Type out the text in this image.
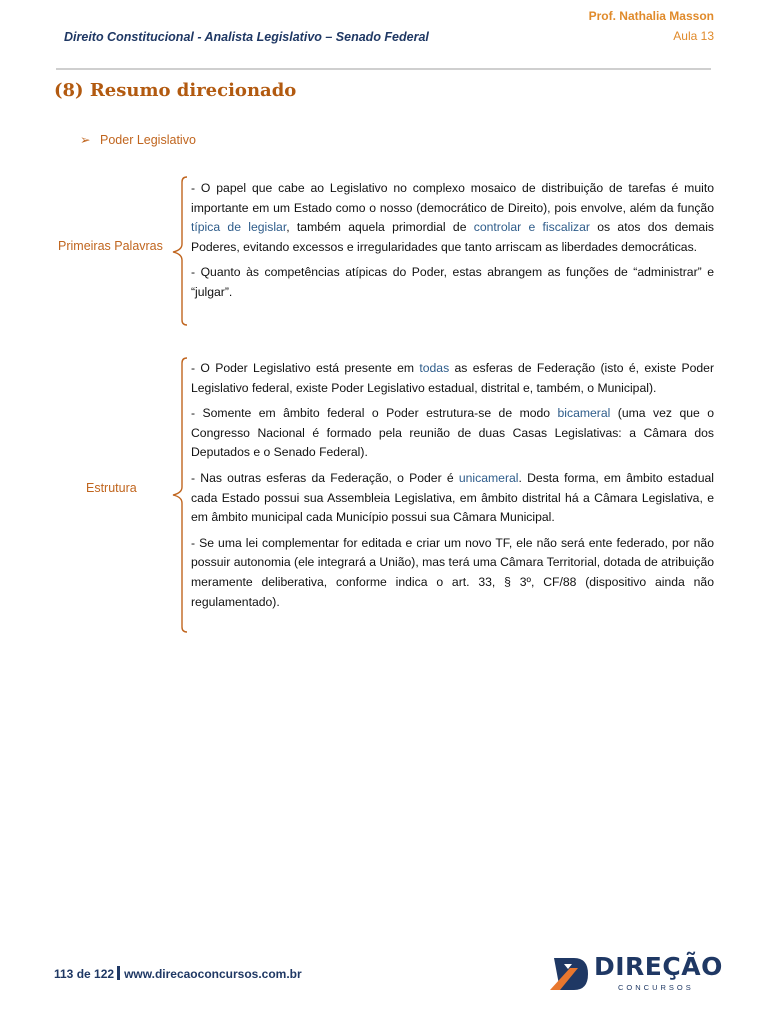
Direito Constitucional - Analista Legislativo – Senado Federal
Prof. Nathalia Masson
Aula 13
(8) Resumo direcionado
➢ Poder Legislativo
Primeiras Palavras

- O papel que cabe ao Legislativo no complexo mosaico de distribuição de tarefas é muito importante em um Estado como o nosso (democrático de Direito), pois envolve, além da função típica de legislar, também aquela primordial de controlar e fiscalizar os atos dos demais Poderes, evitando excessos e irregularidades que tanto arriscam as liberdades democráticas.

- Quanto às competências atípicas do Poder, estas abrangem as funções de “administrar” e “julgar”.

Estrutura

- O Poder Legislativo está presente em todas as esferas de Federação (isto é, existe Poder Legislativo federal, existe Poder Legislativo estadual, distrital e, também, o Municipal).

- Somente em âmbito federal o Poder estrutura-se de modo bicameral (uma vez que o Congresso Nacional é formado pela reunião de duas Casas Legislativas: a Câmara dos Deputados e o Senado Federal).

- Nas outras esferas da Federação, o Poder é unicameral. Desta forma, em âmbito estadual cada Estado possui sua Assembleia Legislativa, em âmbito distrital há a Câmara Legislativa, e em âmbito municipal cada Município possui sua Câmara Municipal.

- Se uma lei complementar for editada e criar um novo TF, ele não será ente federado, por não possuir autonomia (ele integrará a União), mas terá uma Câmara Territorial, dotada de atribuição meramente deliberativa, conforme indica o art. 33, § 3º, CF/88 (dispositivo ainda não regulamentado).

113 de 122 www.direcaoconcursos.com.br	DIREÇÃO
CONCURSOS
